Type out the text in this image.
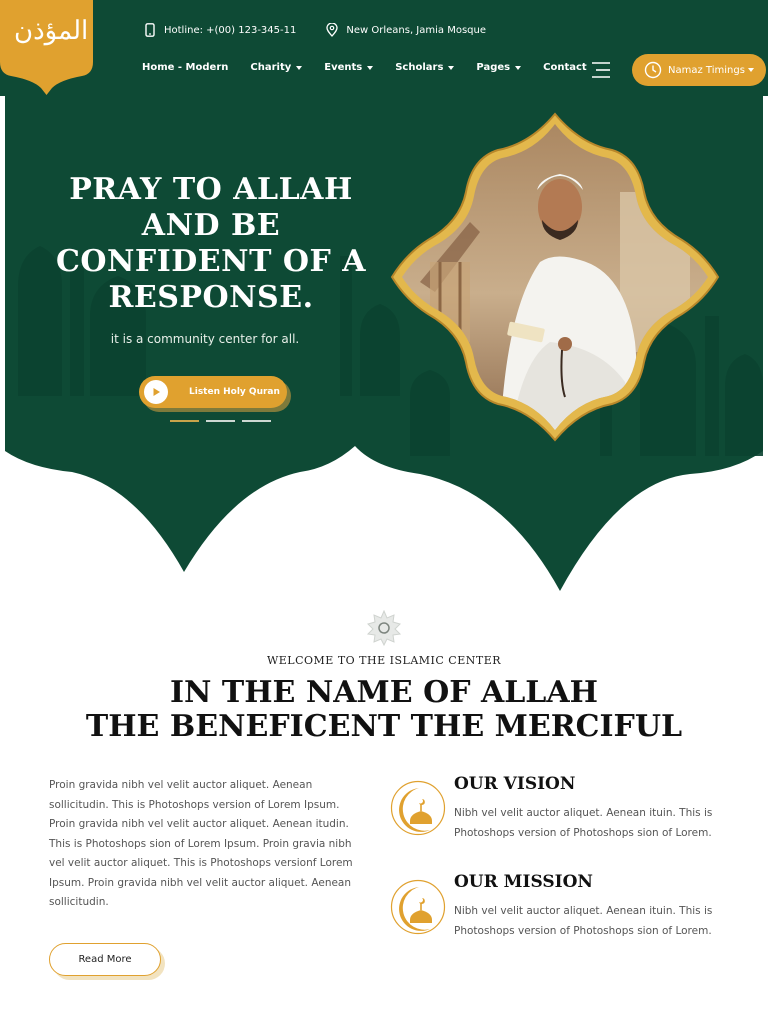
المؤذن	Hotline: +(00) 123-345-11	New Orleans, Jamia Mosque
Home - Modern Charity	Events	Scholars	Pages	Contact	Namaz Timings
PRAY TO ALLAH AND BE CONFIDENT OF A RESPONSE.
it is a community center for all.
Listen Holy Quran
WELCOME TO THE ISLAMIC CENTER
IN THE NAME OF ALLAH
THE BENEFICENT THE MERCIFUL
Proin gravida nibh vel velit auctor aliquet. Aenean sollicitudin. This is Photoshops version of Lorem Ipsum. Proin gravida nibh vel velit auctor aliquet. Aenean itudin. This is Photoshops sion of Lorem Ipsum. Proin gravia nibh vel velit auctor aliquet. This is Photoshops versionf Lorem Ipsum. Proin gravida nibh vel velit auctor aliquet. Aenean sollicitudin.
Read More
OUR VISION
Nibh vel velit auctor aliquet. Aenean ituin. This is Photoshops version of Photoshops sion of Lorem.
OUR MISSION
Nibh vel velit auctor aliquet. Aenean ituin. This is Photoshops version of Photoshops sion of Lorem.
